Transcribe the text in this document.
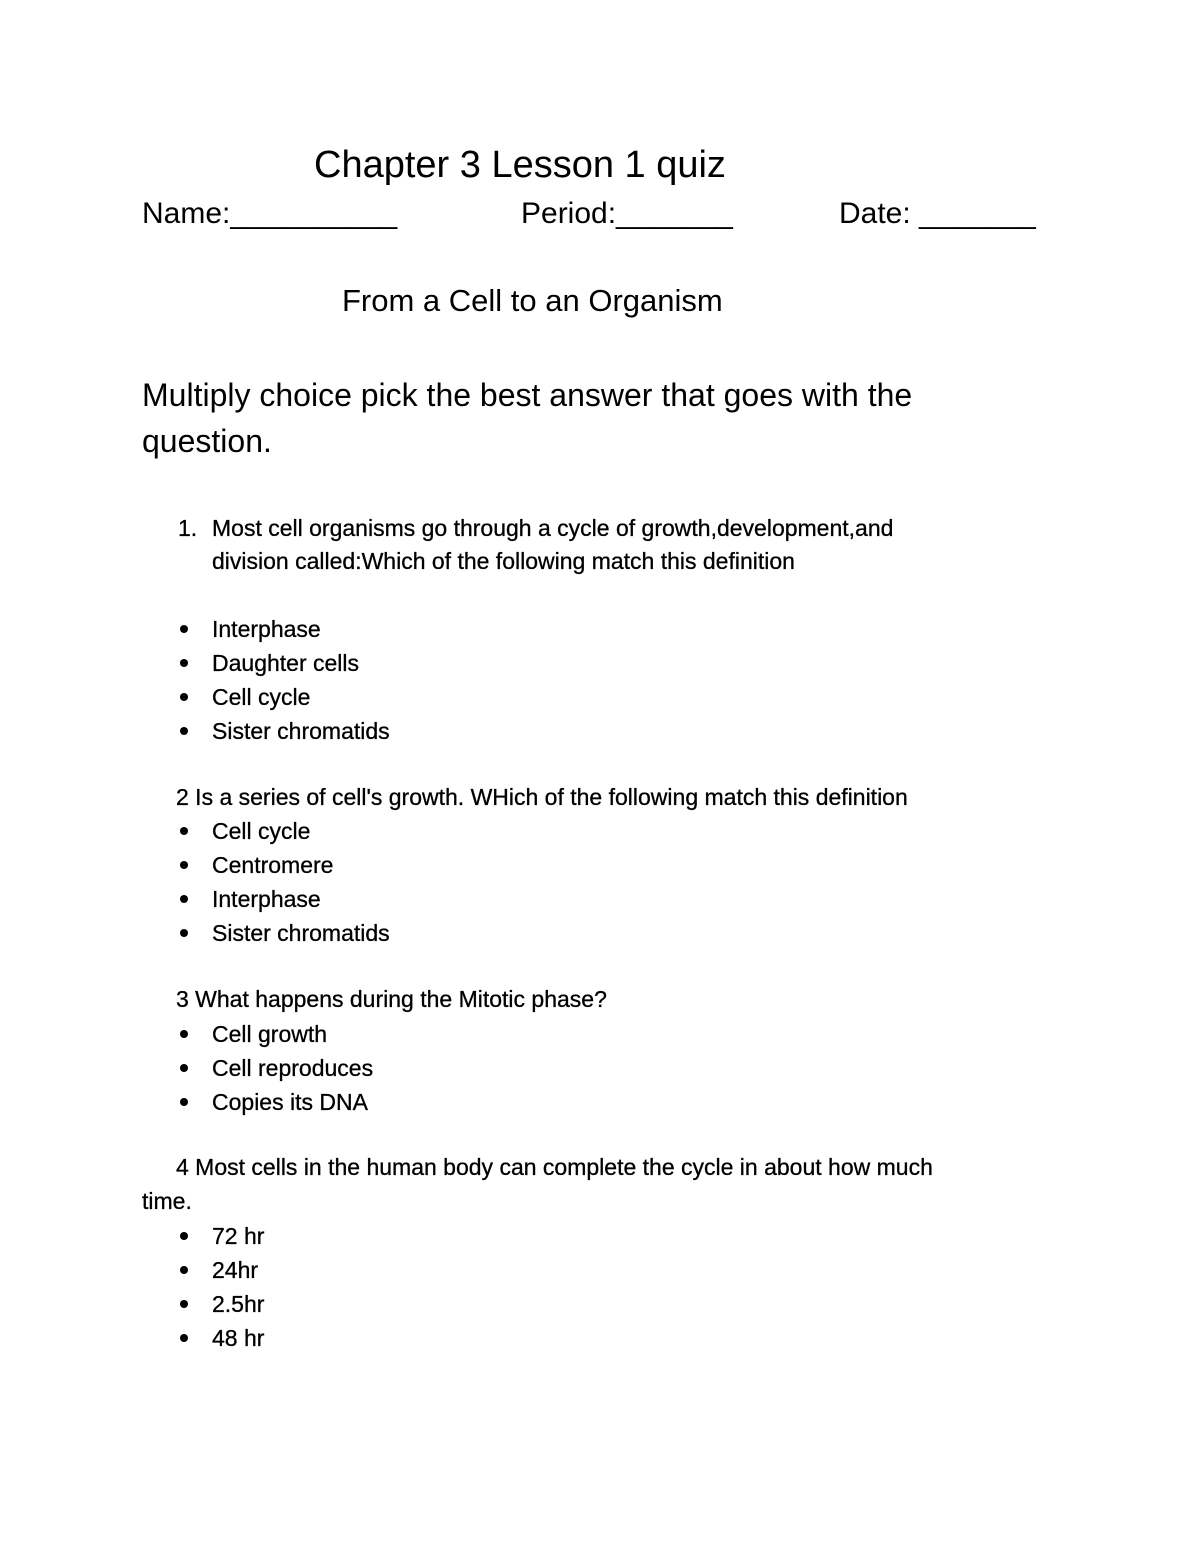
Chapter 3 Lesson 1 quiz
Name:__________	Period:_______	Date: _______
From a Cell to an Organism
Multiply choice pick the best answer that goes with the question.
1. Most cell organisms go through a cycle of growth,development,and
division called:Which of the following match this definition
Interphase
Daughter cells
Cell cycle
Sister chromatids
2 Is a series of cell's growth. WHich of the following match this definition
Cell cycle
Centromere
Interphase
Sister chromatids
3 What happens during the Mitotic phase?
Cell growth
Cell reproduces
Copies its DNA
4 Most cells in the human body can complete the cycle in about how much
time.
72 hr
24hr
2.5hr
48 hr
